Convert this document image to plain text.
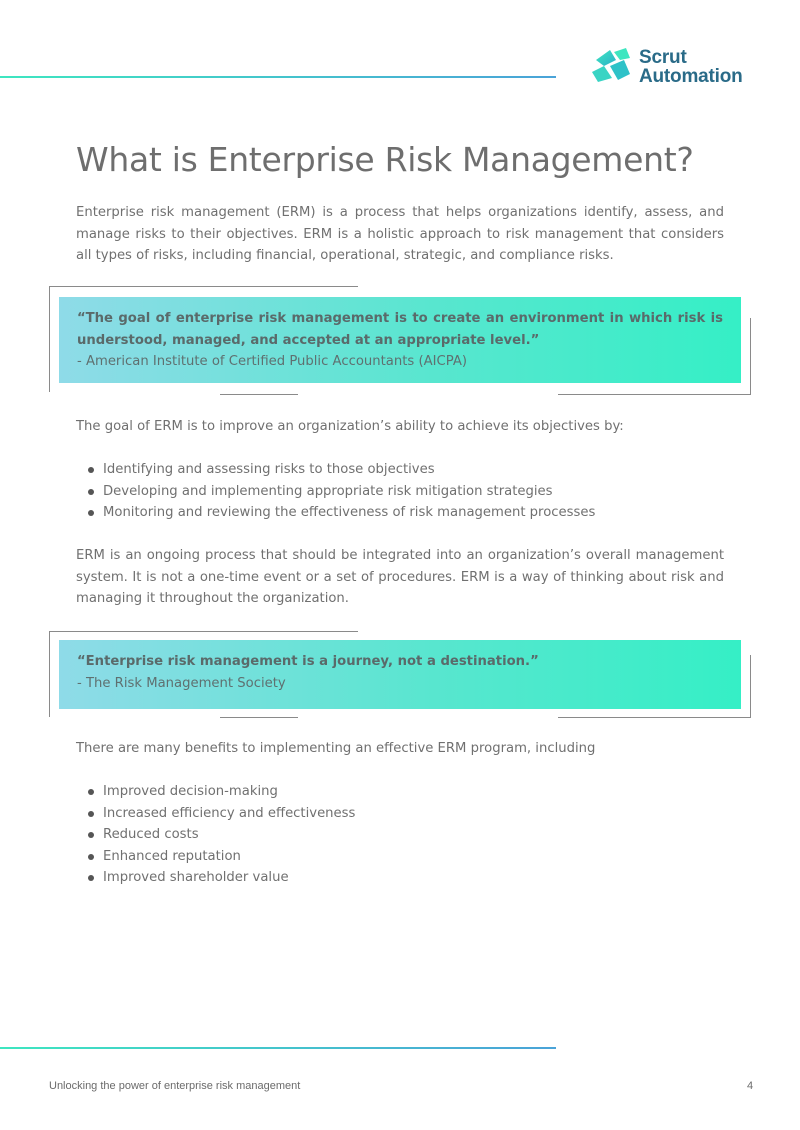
Scrut
Automation
What is Enterprise Risk Management?

Enterprise risk management (ERM) is a process that helps organizations identify, assess, and manage risks to their objectives. ERM is a holistic approach to risk management that considers all types of risks, including financial, operational, strategic, and compliance risks.

“The goal of enterprise risk management is to create an environment in which risk is understood, managed, and accepted at an appropriate level.”

- American Institute of Certified Public Accountants (AICPA)

The goal of ERM is to improve an organization’s ability to achieve its objectives by:

Identifying and assessing risks to those objectives
Developing and implementing appropriate risk mitigation strategies
Monitoring and reviewing the effectiveness of risk management processes

ERM is an ongoing process that should be integrated into an organization’s overall management system. It is not a one-time event or a set of procedures. ERM is a way of thinking about risk and managing it throughout the organization.

“Enterprise risk management is a journey, not a destination.”

- The Risk Management Society

There are many benefits to implementing an effective ERM program, including

Improved decision-making
Increased efficiency and effectiveness
Reduced costs
Enhanced reputation
Improved shareholder value
Unlocking the power of enterprise risk management	4
